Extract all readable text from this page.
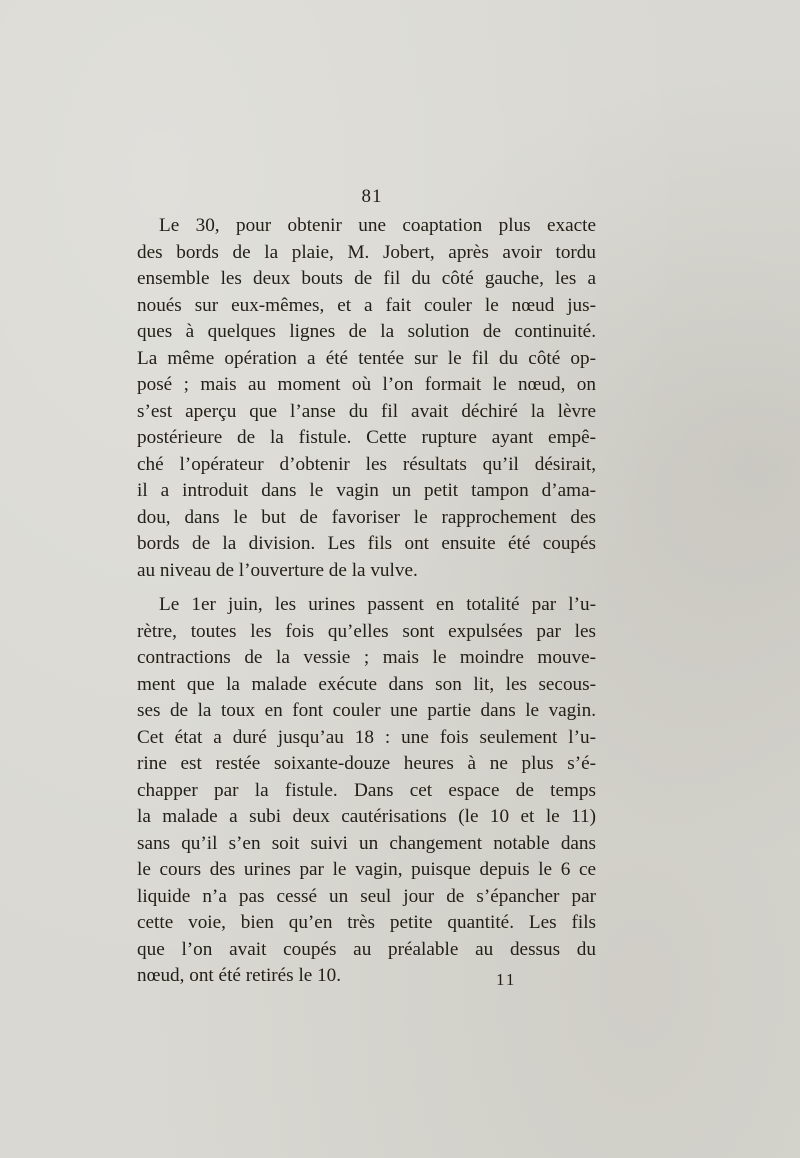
81
Le 30, pour obtenir une coaptation plus exacte
des bords de la plaie, M. Jobert, après avoir tordu
ensemble les deux bouts de fil du côté gauche, les a
noués sur eux-mêmes, et a fait couler le nœud jus-
ques à quelques lignes de la solution de continuité.
La même opération a été tentée sur le fil du côté op-
posé ; mais au moment où l’on formait le nœud, on
s’est aperçu que l’anse du fil avait déchiré la lèvre
postérieure de la fistule. Cette rupture ayant empê-
ché l’opérateur d’obtenir les résultats qu’il désirait,
il a introduit dans le vagin un petit tampon d’ama-
dou, dans le but de favoriser le rapprochement des
bords de la division. Les fils ont ensuite été coupés
au niveau de l’ouverture de la vulve.
Le 1er juin, les urines passent en totalité par l’u-
rètre, toutes les fois qu’elles sont expulsées par les
contractions de la vessie ; mais le moindre mouve-
ment que la malade exécute dans son lit, les secous-
ses de la toux en font couler une partie dans le vagin.
Cet état a duré jusqu’au 18 : une fois seulement l’u-
rine est restée soixante-douze heures à ne plus s’é-
chapper par la fistule. Dans cet espace de temps
la malade a subi deux cautérisations (le 10 et le 11)
sans qu’il s’en soit suivi un changement notable dans
le cours des urines par le vagin, puisque depuis le 6 ce
liquide n’a pas cessé un seul jour de s’épancher par
cette voie, bien qu’en très petite quantité. Les fils
que l’on avait coupés au préalable au dessus du
nœud, ont été retirés le 10.	11
